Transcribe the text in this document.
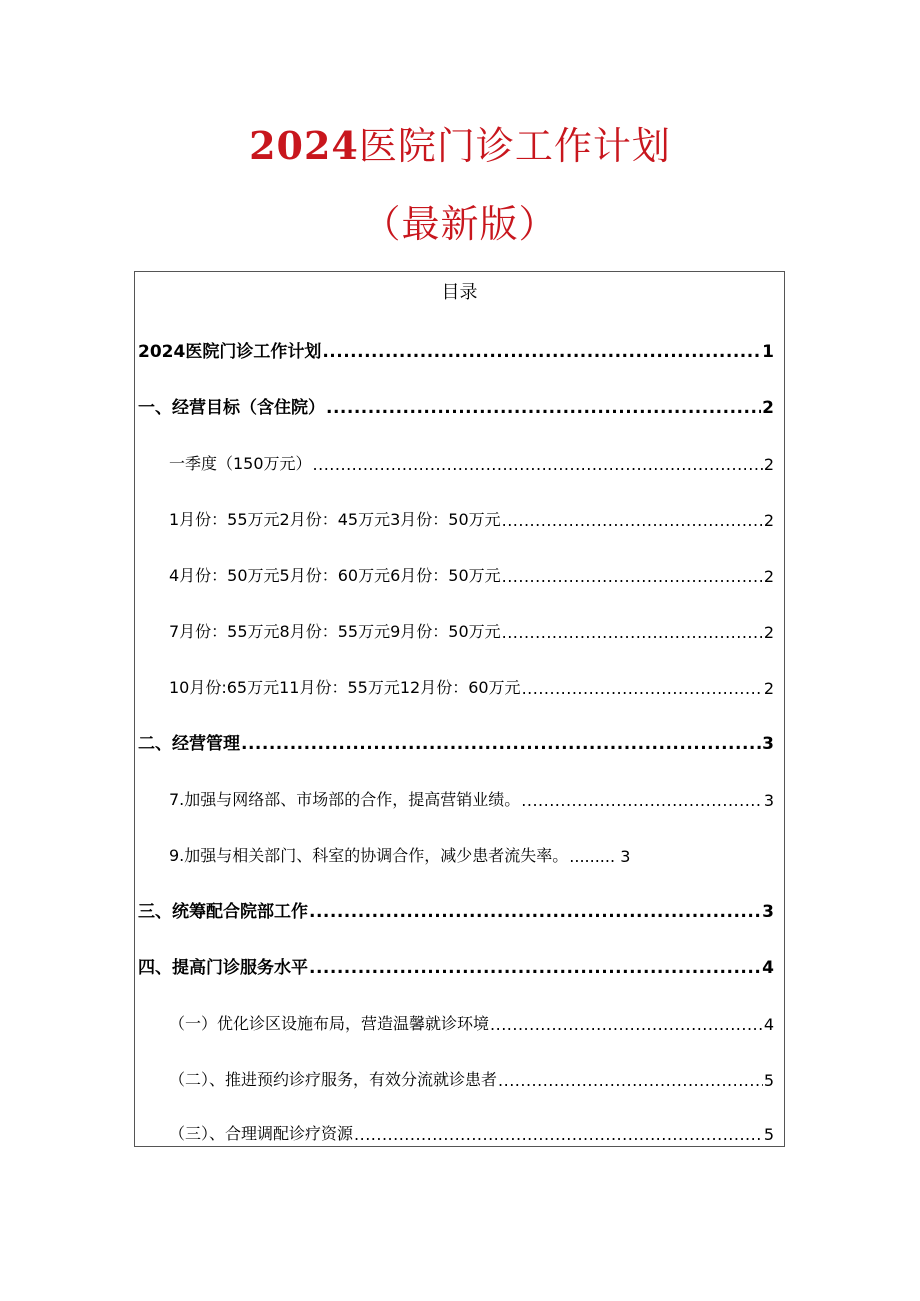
2024医院门诊工作计划
（最新版）
目录
2024医院门诊工作计划 .....	1
一、经营目标（含住院） .....	2
一季度（150万元） .....	2
1月份：55万元2月份：45万元3月份：50万元 .....	2
4月份：50万元5月份：60万元6月份：50万元 .....	2
7月份：55万元8月份：55万元9月份：50万元 .....	2
10月份:65万元11月份：55万元12月份：60万元 .....	2
二、经营管理 .....	3
7.加强与网络部、市场部的合作，提高营销业绩。 .....	3
9.加强与相关部门、科室的协调合作，减少患者流失率。 .....	3
三、统筹配合院部工作 .....	3
四、提高门诊服务水平 .....	4
（一）优化诊区设施布局，营造温馨就诊环境 .....	4
（二）、推进预约诊疗服务，有效分流就诊患者 .....	5
（三）、合理调配诊疗资源 .....	5
